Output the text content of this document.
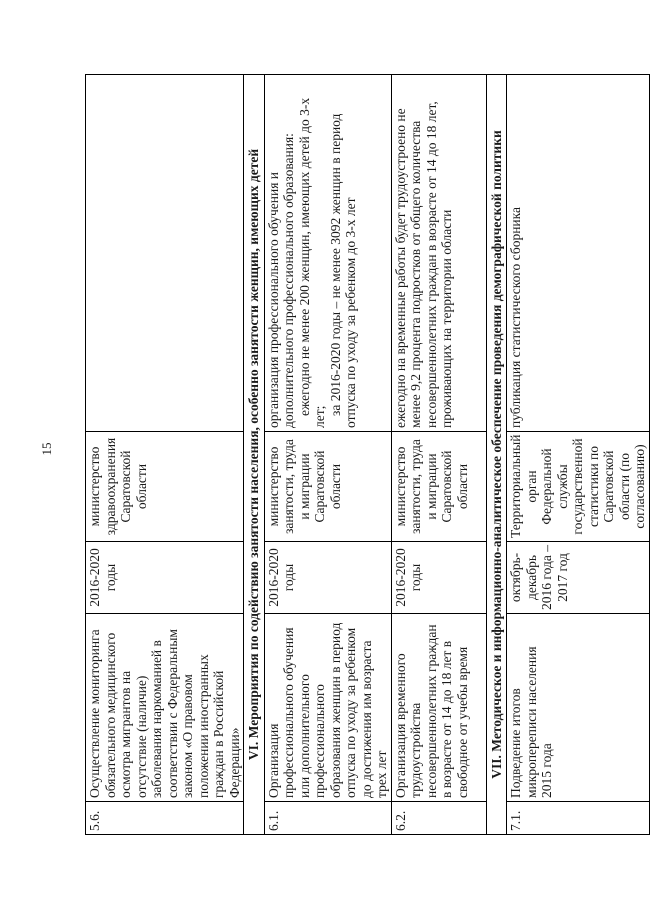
15
5.6.	Осуществление мониторинга обязательного медицинского осмотра мигрантов на отсутствие (наличие) заболевания наркоманией в соответствии с Федеральным законом «О правовом положении иностранных граждан в Российской Федерации»	2016-2020 годы	министерство здравоохранения Саратовской области	
VI. Мероприятия по содействию занятости населения, особенно занятости женщин, имеющих детей				
6.1.	Организация профессионального обучения или дополнительного профессионального образования женщин в период отпуска по уходу за ребенком до достижения им возраста трех лет	2016-2020 годы	министерство занятости, труда и миграции Саратовской области	организация профессионального обучения и дополнительного профессионального образования: ежегодно не менее 200 женщин, имеющих детей до 3-х лет;
за 2016-2020 годы – не менее 3092 женщин в период отпуска по уходу за ребенком до 3-х лет

6.2.	Организация временного трудоустройства несовершеннолетних граждан в возрасте от 14 до 18 лет в свободное от учебы время	2016-2020 годы	министерство занятости, труда и миграции Саратовской области	ежегодно на временные работы будет трудоустроено не менее 9,2 процента подростков от общего количества несовершеннолетних граждан в возрасте от 14 до 18 лет, проживающих на территории области
VII. Методическое и информационно-аналитическое обеспечение проведения демографической политики				
7.1.	Подведение итогов микропереписи населения 2015 года	октябрь-декабрь 2016 года – 2017 год	Территориальный орган Федеральной службы государственной статистики по Саратовской области (по согласованию)	публикация статистического сборника
